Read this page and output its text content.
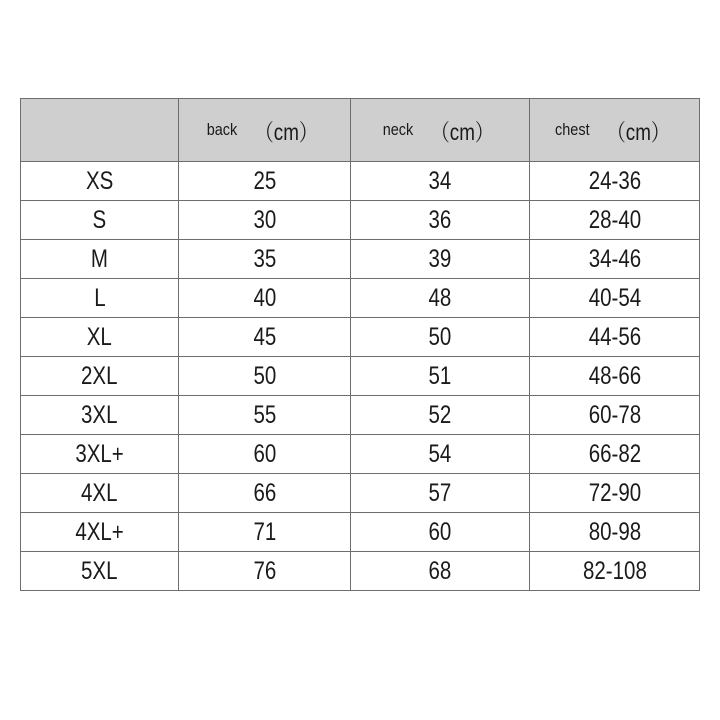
	back （cm）	neck （cm）	chest （cm）
XS	25	34	24-36
S	30	36	28-40
M	35	39	34-46
L	40	48	40-54
XL	45	50	44-56
2XL	50	51	48-66
3XL	55	52	60-78
3XL+	60	54	66-82
4XL	66	57	72-90
4XL+	71	60	80-98
5XL	76	68	82-108
